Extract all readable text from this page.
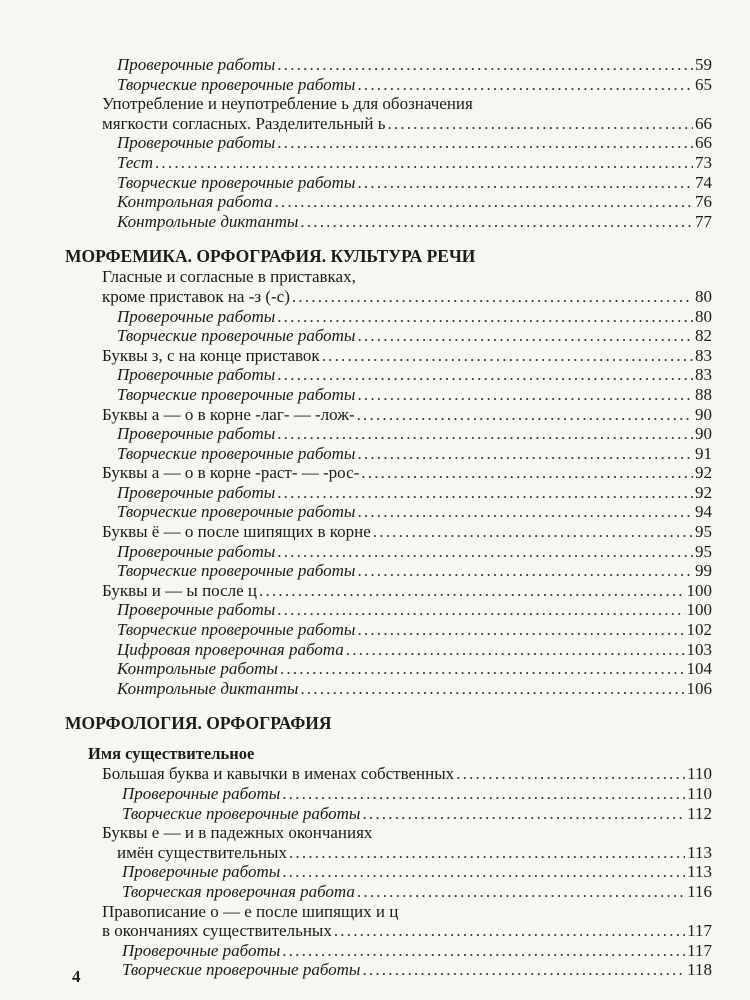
Проверочные работы .....	59
Творческие проверочные работы .....	65
Употребление и неупотребление ь для обозначения
мягкости согласных. Разделительный ь .....	66
Проверочные работы .....	66
Тест .....	73
Творческие проверочные работы .....	74
Контрольная работа .....	76
Контрольные диктанты .....	77
МОРФЕМИКА. ОРФОГРАФИЯ. КУЛЬТУРА РЕЧИ
Гласные и согласные в приставках,
кроме приставок на -з (-с) .....	80
Проверочные работы .....	80
Творческие проверочные работы .....	82
Буквы з, с на конце приставок .....	83
Проверочные работы .....	83
Творческие проверочные работы .....	88
Буквы а — о в корне -лаг- — -лож- .....	90
Проверочные работы .....	90
Творческие проверочные работы .....	91
Буквы а — о в корне -раст- — -рос- .....	92
Проверочные работы .....	92
Творческие проверочные работы .....	94
Буквы ё — о после шипящих в корне .....	95
Проверочные работы .....	95
Творческие проверочные работы .....	99
Буквы и — ы после ц .....	100
Проверочные работы .....	100
Творческие проверочные работы .....	102
Цифровая проверочная работа .....	103
Контрольные работы .....	104
Контрольные диктанты .....	106
МОРФОЛОГИЯ. ОРФОГРАФИЯ
Имя существительное
Большая буква и кавычки в именах собственных .....	110
Проверочные работы .....	110
Творческие проверочные работы .....	112
Буквы е — и в падежных окончаниях
имён существительных .....	113
Проверочные работы .....	113
Творческая проверочная работа .....	116
Правописание о — е после шипящих и ц
в окончаниях существительных .....	117
Проверочные работы .....	117
Творческие проверочные работы .....	118
4
